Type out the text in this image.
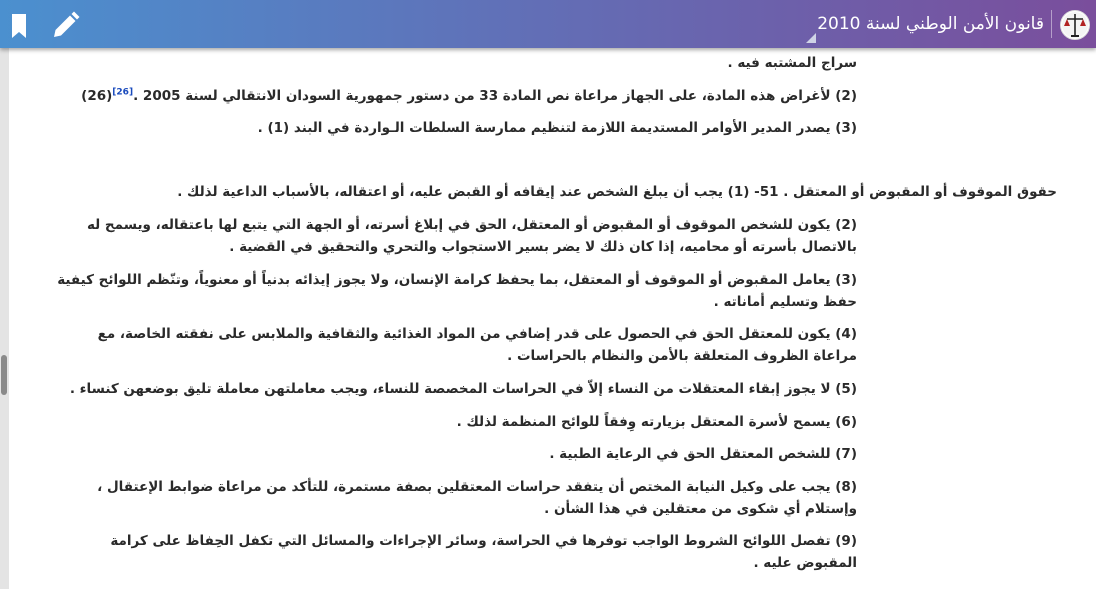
سراج المشتبه فيه .
(2) لأغراض هذه المادة، على الجهاز مراعاة نص المادة 33 من دستور جمهورية السودان الانتقالي لسنة 2005 .[26](26)
(3) يصدر المدير الأوامر المستديمة اللازمة لتنظيم ممارسة السلطات الـواردة في البند (1) .
حقوق الموقوف أو المقبوض أو المعتقل . 51- (1) يجب أن يبلغ الشخص عند إيقافه أو القبض عليه، أو اعتقاله، بالأسباب الداعية لذلك .
(2) يكون للشخص الموقوف أو المقبوض أو المعتقل، الحق في إبلاغ أسرته، أو الجهة التي يتبع لها باعتقاله، ويسمح له
بالاتصال بأسرته أو محاميه، إذا كان ذلك لا يضر بسير الاستجواب والتحري والتحقيق في القضية .
(3) يعامل المقبوض أو الموقوف أو المعتقل، بما يحفظ كرامة الإنسان، ولا يجوز إيذائه بدنياً أو معنوياً، وتنّظم اللوائح كيفية
حفظ وتسليم أماناته .
(4) يكون للمعتقل الحق في الحصول على قدر إضافي من المواد الغذائية والثقافية والملابس على نفقته الخاصة، مع
مراعاة الظروف المتعلقة بالأمن والنظام بالحراسات .
(5) لا يجوز إبقاء المعتقلات من النساء إلاّ في الحراسات المخصصة للنساء، ويجب معاملتهن معاملة تليق بوضعهن كنساء .
(6) يسمح لأسرة المعتقل بزيارته وِفقاً للوائح المنظمة لذلك .
(7) للشخص المعتقل الحق في الرعاية الطبية .
(8) يجب على وكيل النيابة المختص أن يتفقد حراسات المعتقلين بصفة مستمرة، للتأكد من مراعاة ضوابط الإعتقال ،
وإستلام أي شكوى من معتقلين في هذا الشأن .
(9) تفصل اللوائح الشروط الواجب توفرها في الحراسة، وسائر الإجراءات والمسائل التي تكفل الحِفاظ على كرامة
المقبوض عليه .
قانون الأمن الوطني لسنة 2010
